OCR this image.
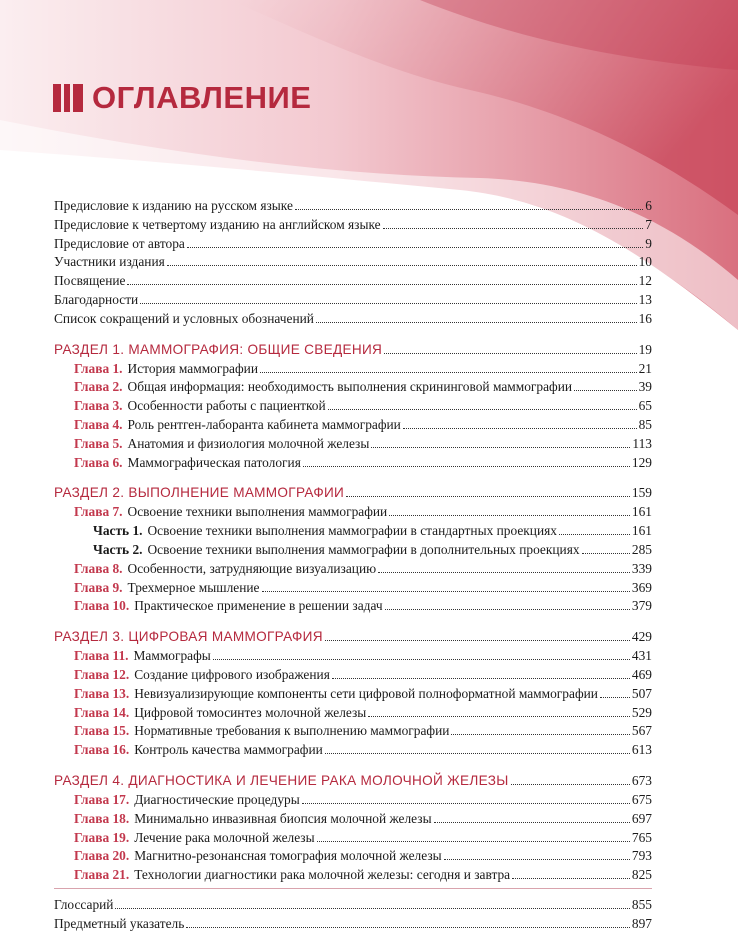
ОГЛАВЛЕНИЕ
Предисловие к изданию на русском языке	6
Предисловие к четвертому изданию на английском языке	7
Предисловие от автора	9
Участники издания	10
Посвящение	12
Благодарности	13
Список сокращений и условных обозначений	16
РАЗДЕЛ 1. МАММОГРАФИЯ: ОБЩИЕ СВЕДЕНИЯ	19
Глава 1. История маммографии	21
Глава 2. Общая информация: необходимость выполнения скрининговой маммографии	39
Глава 3. Особенности работы с пациенткой	65
Глава 4. Роль рентген-лаборанта кабинета маммографии	85
Глава 5. Анатомия и физиология молочной железы	113
Глава 6. Маммографическая патология	129
РАЗДЕЛ 2. ВЫПОЛНЕНИЕ МАММОГРАФИИ	159
Глава 7. Освоение техники выполнения маммографии	161
Часть 1. Освоение техники выполнения маммографии в стандартных проекциях	161
Часть 2. Освоение техники выполнения маммографии в дополнительных проекциях	285
Глава 8. Особенности, затрудняющие визуализацию	339
Глава 9. Трехмерное мышление	369
Глава 10. Практическое применение в решении задач	379
РАЗДЕЛ 3. ЦИФРОВАЯ МАММОГРАФИЯ	429
Глава 11. Маммографы	431
Глава 12. Создание цифрового изображения	469
Глава 13. Невизуализирующие компоненты сети цифровой полноформатной маммографии	507
Глава 14. Цифровой томосинтез молочной железы	529
Глава 15. Нормативные требования к выполнению маммографии	567
Глава 16. Контроль качества маммографии	613
РАЗДЕЛ 4. ДИАГНОСТИКА И ЛЕЧЕНИЕ РАКА МОЛОЧНОЙ ЖЕЛЕЗЫ	673
Глава 17. Диагностические процедуры	675
Глава 18. Минимально инвазивная биопсия молочной железы	697
Глава 19. Лечение рака молочной железы	765
Глава 20. Магнитно-резонансная томография молочной железы	793
Глава 21. Технологии диагностики рака молочной железы: сегодня и завтра	825
Глоссарий	855
Предметный указатель	897
